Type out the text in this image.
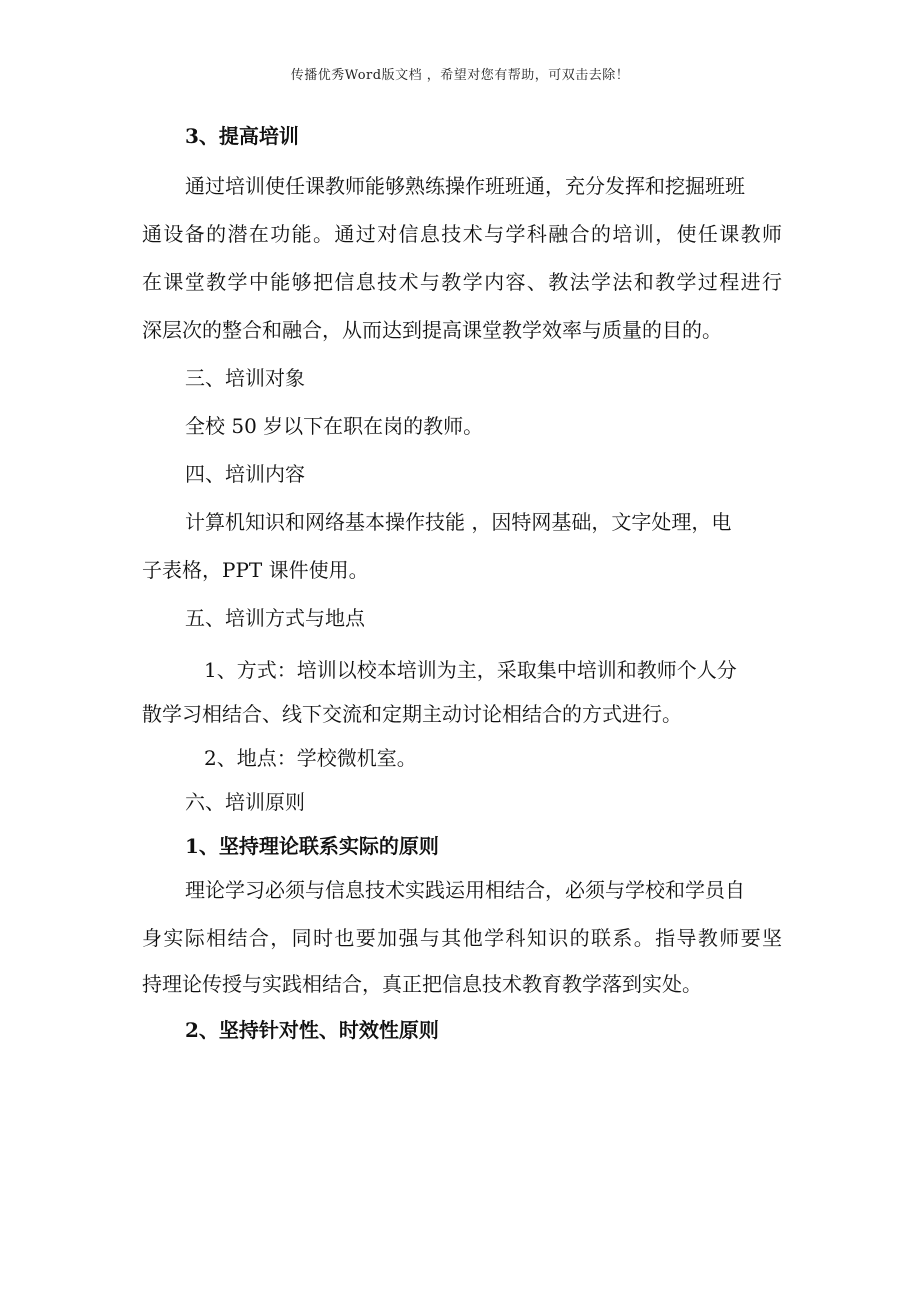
传播优秀Word版文档 ，希望对您有帮助，可双击去除！
3、提高培训
通过培训使任课教师能够熟练操作班班通，充分发挥和挖掘班班
通设备的潜在功能。通过对信息技术与学科融合的培训，使任课教师
在课堂教学中能够把信息技术与教学内容、教法学法和教学过程进行
深层次的整合和融合，从而达到提高课堂教学效率与质量的目的。
三、培训对象
全校 50 岁以下在职在岗的教师。
四、培训内容
计算机知识和网络基本操作技能 ，因特网基础，文字处理，电
子表格，PPT 课件使用。
五、培训方式与地点
1、方式：培训以校本培训为主，采取集中培训和教师个人分
散学习相结合、线下交流和定期主动讨论相结合的方式进行。
2、地点：学校微机室。
六、培训原则
1、坚持理论联系实际的原则
理论学习必须与信息技术实践运用相结合，必须与学校和学员自
身实际相结合，同时也要加强与其他学科知识的联系。指导教师要坚
持理论传授与实践相结合，真正把信息技术教育教学落到实处。
2、坚持针对性、时效性原则
